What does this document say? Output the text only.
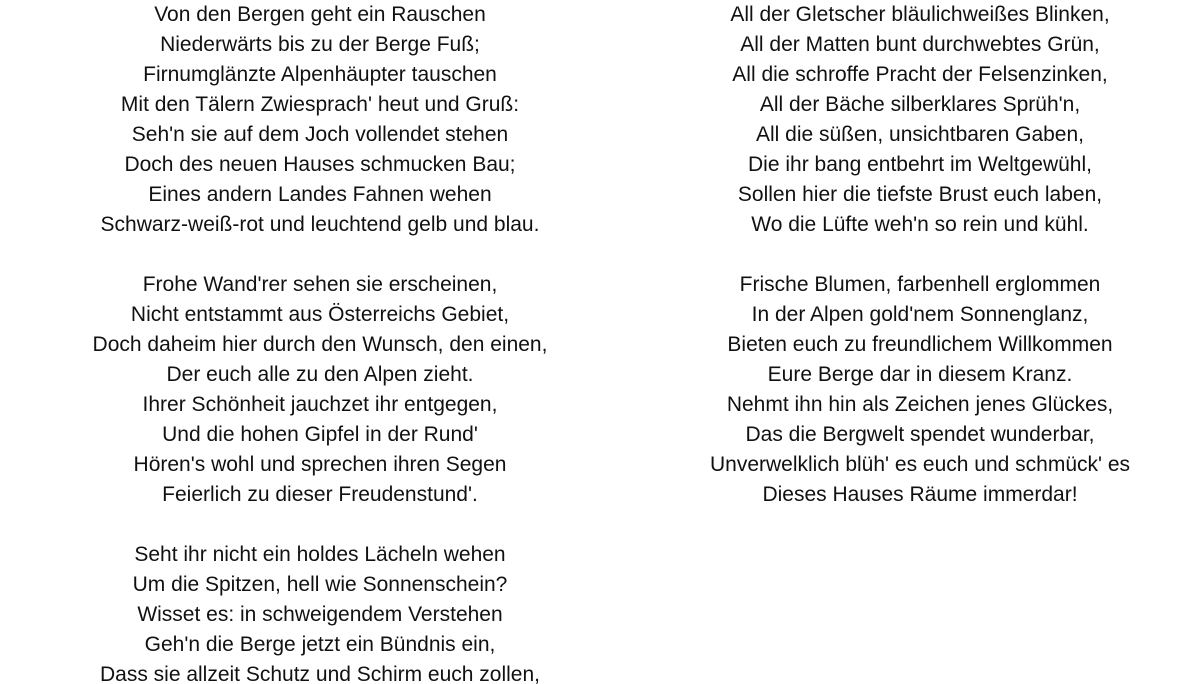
Von den Bergen geht ein Rauschen
Niederwärts bis zu der Berge Fuß;
Firnumglänzte Alpenhäupter tauschen
Mit den Tälern Zwiesprach' heut und Gruß:
Seh'n sie auf dem Joch vollendet stehen
Doch des neuen Hauses schmucken Bau;
Eines andern Landes Fahnen wehen
Schwarz-weiß-rot und leuchtend gelb und blau.
Frohe Wand'rer sehen sie erscheinen,
Nicht entstammt aus Österreichs Gebiet,
Doch daheim hier durch den Wunsch, den einen,
Der euch alle zu den Alpen zieht.
Ihrer Schönheit jauchzet ihr entgegen,
Und die hohen Gipfel in der Rund'
Hören's wohl und sprechen ihren Segen
Feierlich zu dieser Freudenstund'.
Seht ihr nicht ein holdes Lächeln wehen
Um die Spitzen, hell wie Sonnenschein?
Wisset es: in schweigendem Verstehen
Geh'n die Berge jetzt ein Bündnis ein,
Dass sie allzeit Schutz und Schirm euch zollen,
All der Gletscher bläulichweißes Blinken,
All der Matten bunt durchwebtes Grün,
All die schroffe Pracht der Felsenzinken,
All der Bäche silberklares Sprüh'n,
All die süßen, unsichtbaren Gaben,
Die ihr bang entbehrt im Weltgewühl,
Sollen hier die tiefste Brust euch laben,
Wo die Lüfte weh'n so rein und kühl.
Frische Blumen, farbenhell erglommen
In der Alpen gold'nem Sonnenglanz,
Bieten euch zu freundlichem Willkommen
Eure Berge dar in diesem Kranz.
Nehmt ihn hin als Zeichen jenes Glückes,
Das die Bergwelt spendet wunderbar,
Unverwelklich blüh' es euch und schmück' es
Dieses Hauses Räume immerdar!
